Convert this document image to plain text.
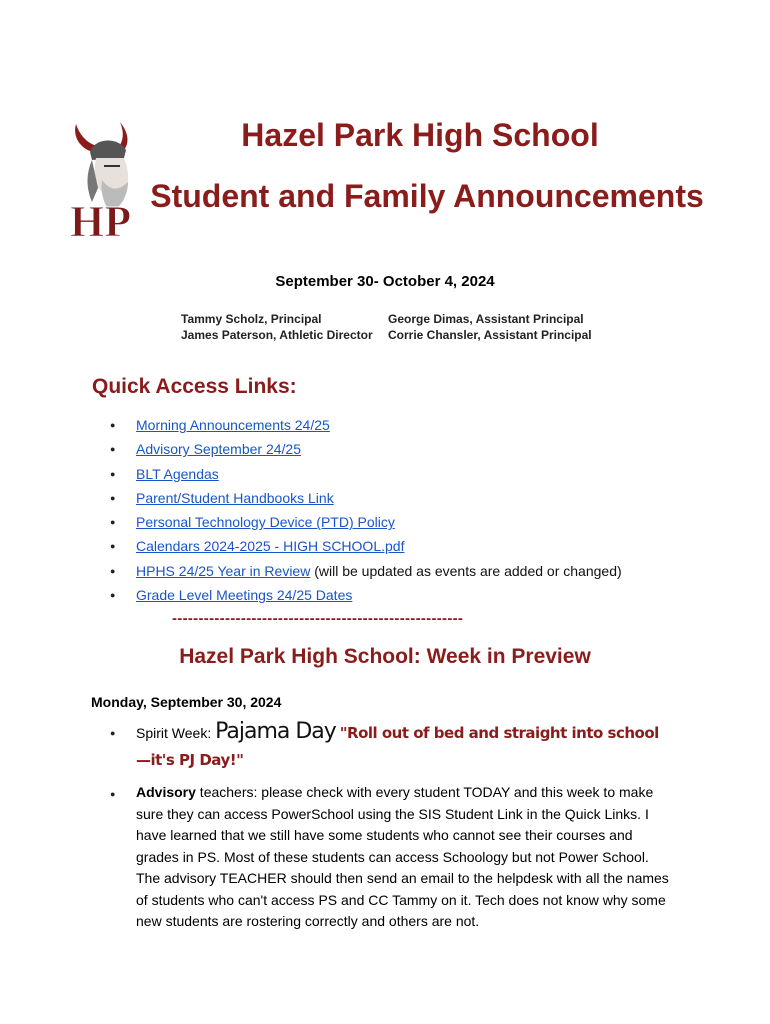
HP
Hazel Park High School
Student and Family Announcements
September 30- October 4, 2024
Tammy Scholz, Principal
James Paterson, Athletic Director
George Dimas, Assistant Principal
Corrie Chansler, Assistant Principal
Quick Access Links:
● Morning Announcements 24/25
● Advisory September 24/25
● BLT Agendas
● Parent/Student Handbooks Link
● Personal Technology Device (PTD) Policy
● Calendars 2024-2025 - HIGH SCHOOL.pdf
● HPHS 24/25 Year in Review (will be updated as events are added or changed)
● Grade Level Meetings 24/25 Dates
-------------------------------------------------------
Hazel Park High School: Week in Preview
Monday, September 30, 2024
● Spirit Week: Pajama Day "Roll out of bed and straight into school—it's PJ Day!"
● Advisory teachers: please check with every student TODAY and this week to make sure they can access PowerSchool using the SIS Student Link in the Quick Links. I have learned that we still have some students who cannot see their courses and grades in PS. Most of these students can access Schoology but not Power School. The advisory TEACHER should then send an email to the helpdesk with all the names of students who can't access PS and CC Tammy on it. Tech does not know why some new students are rostering correctly and others are not.
